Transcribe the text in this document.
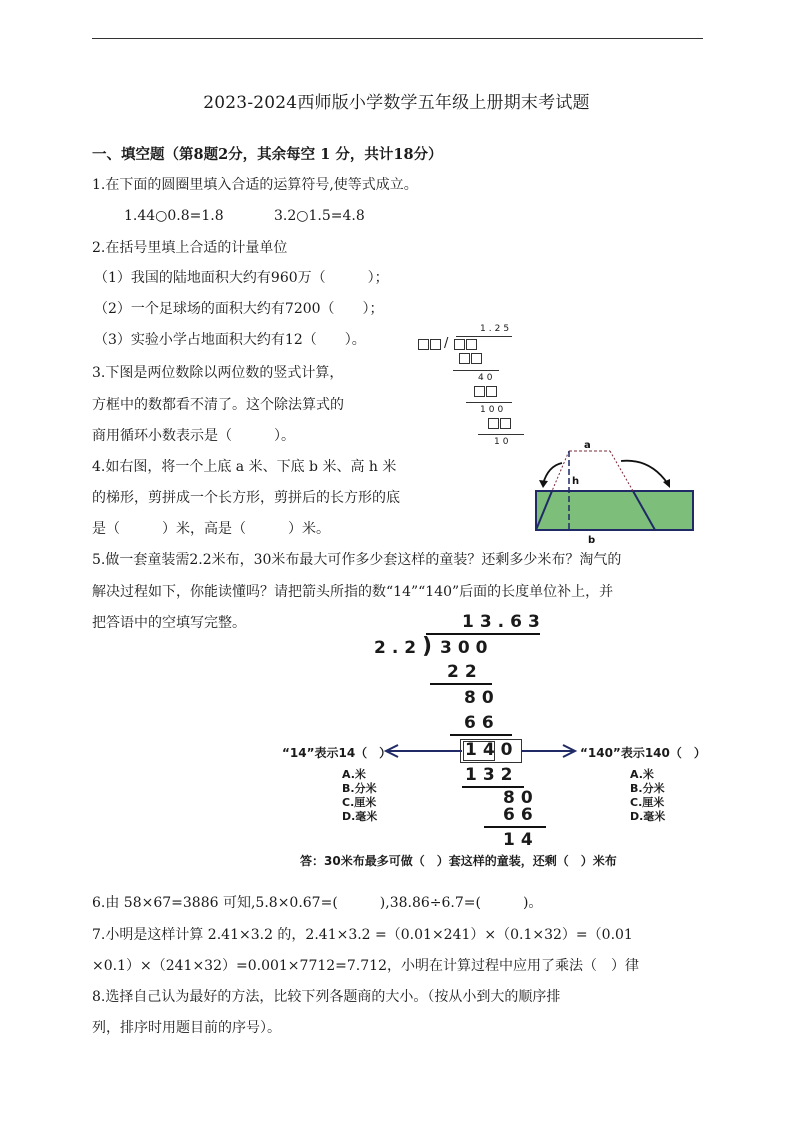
2023-2024西师版小学数学五年级上册期末考试题
一、填空题（第8题2分，其余每空 1 分，共计18分）
1.在下面的圆圈里填入合适的运算符号,使等式成立。
1.44○0.8=1.8	3.2○1.5=4.8
2.在括号里填上合适的计量单位
（1）我国的陆地面积大约有960万（　　　）；
（2）一个足球场的面积大约有7200（　　）；
（3）实验小学占地面积大约有12（　　）。
1.25
/
40
100
10
3.下图是两位数除以两位数的竖式计算，
方框中的数都看不清了。这个除法算式的
商用循环小数表示是（　　　）。
4.如右图，将一个上底 a 米、下底 b 米、高 h 米
的梯形，剪拼成一个长方形，剪拼后的长方形的底
是（　　　）米，高是（　　　）米。
a
h
b
5.做一套童装需2.2米布，30米布最大可作多少套这样的童装？还剩多少米布？淘气的
解决过程如下，你能读懂吗？请把箭头所指的数“14”“140”后面的长度单位补上，并
把答语中的空填写完整。	13.63
2.2 ) 300
22
80
66
140
132
80
66
14
“14”表示14（　）	“140”表示140（　）
A.米
B.分米
C.厘米
D.毫米
A.米
B.分米
C.厘米
D.毫米
答：30米布最多可做（　）套这样的童装，还剩（　）米布
6.由 58×67=3886 可知,5.8×0.67=(　　　),38.86÷6.7=(　　　)。
7.小明是这样计算 2.41×3.2 的，2.41×3.2 =（0.01×241）×（0.1×32）=（0.01
×0.1）×（241×32）=0.001×7712=7.712，小明在计算过程中应用了乘法（　）律
8.选择自己认为最好的方法，比较下列各题商的大小。（按从小到大的顺序排
列，排序时用题目前的序号）。
